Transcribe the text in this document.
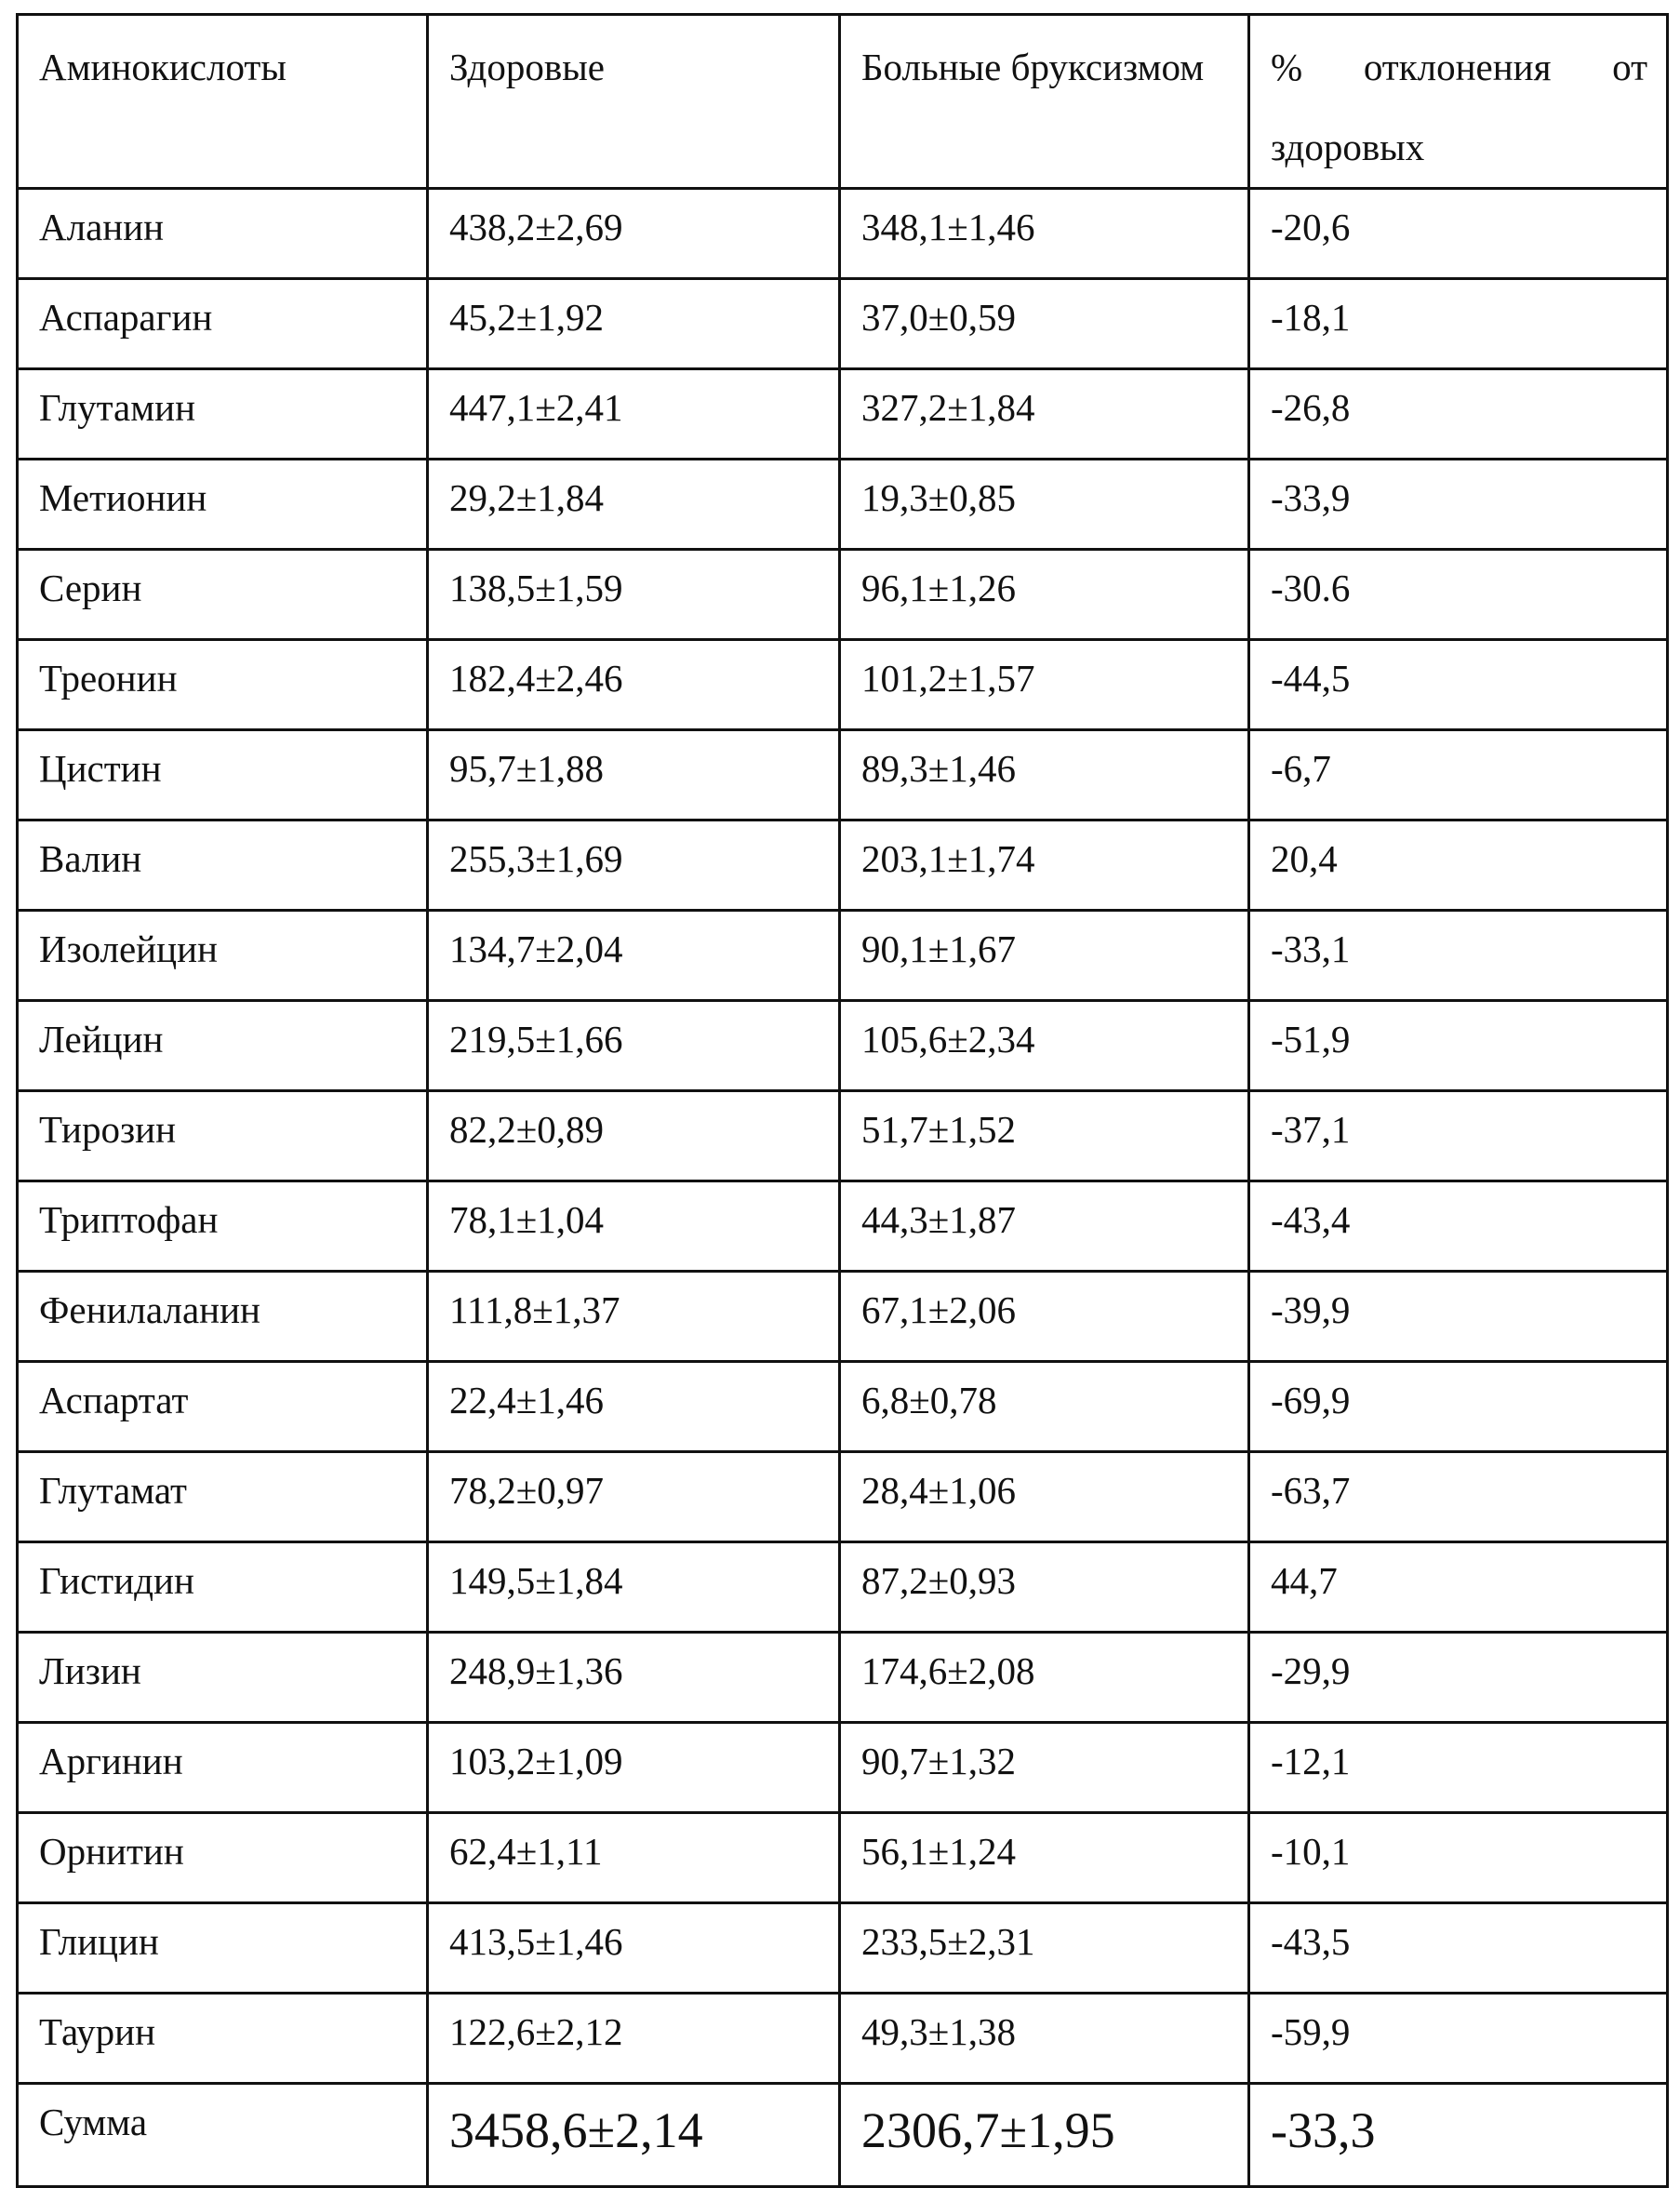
Аминокислоты	Здоровые	Больные бруксизмом	% отклонения от здоровых
Аланин	438,2±2,69	348,1±1,46	-20,6
Аспарагин	45,2±1,92	37,0±0,59	-18,1
Глутамин	447,1±2,41	327,2±1,84	-26,8
Метионин	29,2±1,84	19,3±0,85	-33,9
Серин	138,5±1,59	96,1±1,26	-30.6
Треонин	182,4±2,46	101,2±1,57	-44,5
Цистин	95,7±1,88	89,3±1,46	-6,7
Валин	255,3±1,69	203,1±1,74	20,4
Изолейцин	134,7±2,04	90,1±1,67	-33,1
Лейцин	219,5±1,66	105,6±2,34	-51,9
Тирозин	82,2±0,89	51,7±1,52	-37,1
Триптофан	78,1±1,04	44,3±1,87	-43,4
Фенилаланин	111,8±1,37	67,1±2,06	-39,9
Аспартат	22,4±1,46	6,8±0,78	-69,9
Глутамат	78,2±0,97	28,4±1,06	-63,7
Гистидин	149,5±1,84	87,2±0,93	44,7
Лизин	248,9±1,36	174,6±2,08	-29,9
Аргинин	103,2±1,09	90,7±1,32	-12,1
Орнитин	62,4±1,11	56,1±1,24	-10,1
Глицин	413,5±1,46	233,5±2,31	-43,5
Таурин	122,6±2,12	49,3±1,38	-59,9
Сумма	3458,6±2,14	2306,7±1,95	-33,3
